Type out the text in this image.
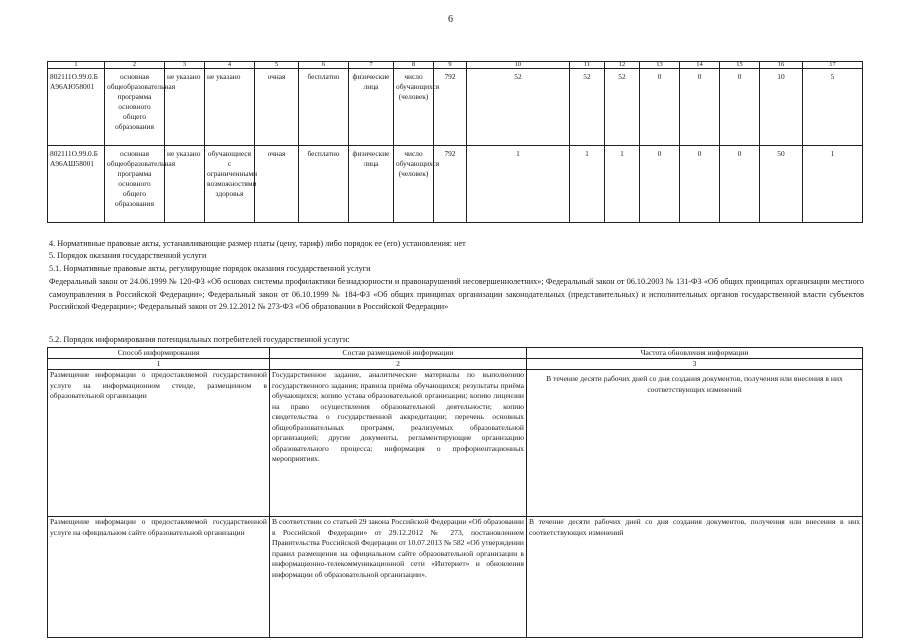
6
1	2	3	4	5	6	7	8	9	10	11	12	13	14	15	16	17
802111О.99.0.БА96АЮ58001	основная общеобразовательная программа основного общего образования	не указано	не указано	очная	бесплатно	физические лица	число обучающихся (человек)	792	52	52	52	0	0	0	10	5
802111О.99.0.БА96АШ58001	основная общеобразовательная программа основного общего образования	не указано	обучающиеся с ограниченными возможностями здоровья	очная	бесплатно	физические лица	число обучающихся (человек)	792	1	1	1	0	0	0	50	1
4. Нормативные правовые акты, устанавливающие размер платы (цену, тариф) либо порядок ее (его) установления: нет
5. Порядок оказания государственной услуги
5.1. Нормативные правовые акты, регулирующие порядок оказания государственной услуги
Федеральный закон от 24.06.1999 № 120-ФЗ «Об основах системы профилактики безнадзорности и правонарушений несовершеннолетних»; Федеральный закон от 06.10.2003 № 131-ФЗ «Об общих принципах организации местного самоуправления в Российской Федерации»; Федеральный закон от 06.10.1999 № 184-ФЗ «Об общих принципах организации законодательных (представительных) и исполнительных органов государственной власти субъектов Российской Федерации»; Федеральный закон от 29.12.2012 № 273-ФЗ «Об образовании в Российской Федерации»
5.2. Порядок информирования потенциальных потребителей государственной услуги:
Способ информирования	Состав размещаемой информации	Частота обновления информации
1	2	3
Размещение информации о предоставляемой государственной услуге на информационном стенде, размещенном в образовательной организации	Государственное задание, аналитические материалы по выполнению государственного задания; правила приёма обучающихся; результаты приёма обучающихся; копию устава образовательной организации; копию лицензии на право осуществления образовательной деятельности; копию свидетельства о государственной аккредитации; перечень основных общеобразовательных программ, реализуемых образовательной организацией; другие документы, регламентирующие организацию образовательного процесса; информация о профориентационных мероприятиях.	В течение десяти рабочих дней со дня создания документов, получения или внесения в них соответствующих изменений
Размещение информации о предоставляемой государственной услуге на официальном сайте образовательной организации	В соответствии со статьей 29 закона Российской Федерации «Об образовании в Российской Федерации» от 29.12.2012 № 273, постановлением Правительства Российской Федерации от 10.07.2013 № 582 «Об утверждении правил размещения на официальном сайте образовательной организации в информационно-телекоммуникационной сети «Интернет» и обновления информации об образовательной организации».	В течение десяти рабочих дней со дня создания документов, получения или внесения в них соответствующих изменений
